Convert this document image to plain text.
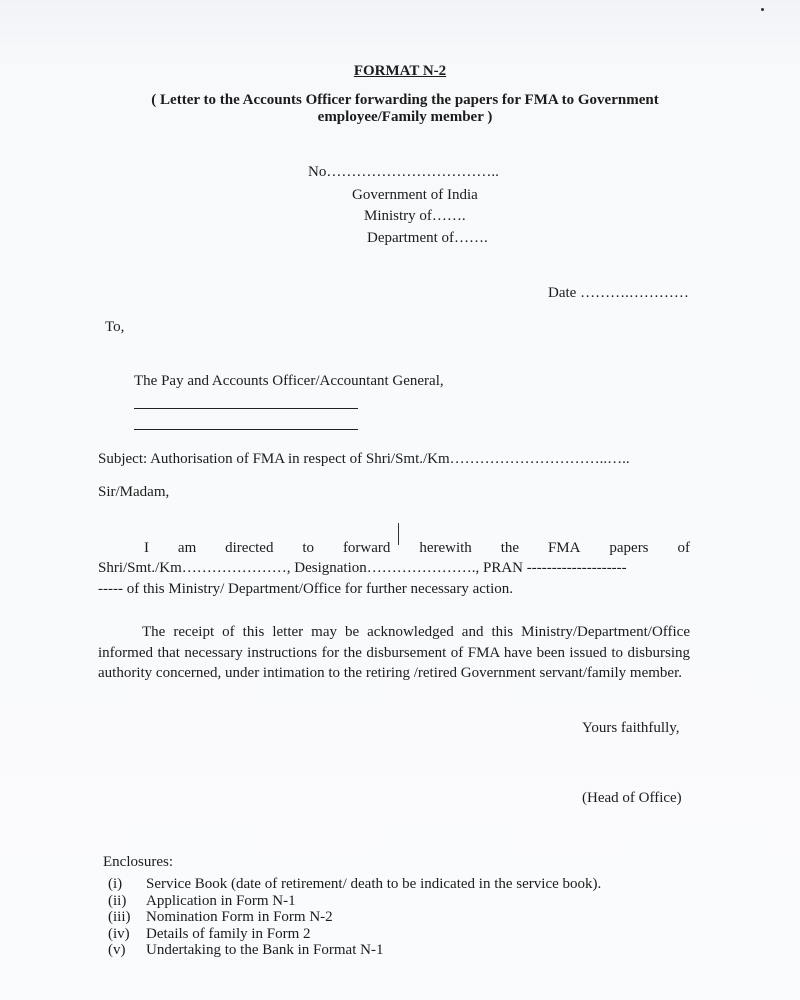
FORMAT N-2
( Letter to the Accounts Officer forwarding the papers for FMA to Government employee/Family member )
No……………………………..
Government of India
Ministry of…….
Department of…….
Date ……….…………
To,
The Pay and Accounts Officer/Accountant General,
Subject: Authorisation of FMA in respect of Shri/Smt./Km…………………………..…..
Sir/Madam,
I am directed to forward herewith the FMA papers of
Shri/Smt./Km…………………, Designation…………………., PRAN --------------------
----- of this Ministry/ Department/Office for further necessary action.
The receipt of this letter may be acknowledged and this Ministry/Department/Office informed that necessary instructions for the disbursement of FMA have been issued to disbursing authority concerned, under intimation to the retiring /retired Government servant/family member.
Yours faithfully,
(Head of Office)
Enclosures:
(i)	Service Book (date of retirement/ death to be indicated in the service book).
(ii)	Application in Form N-1
(iii)	Nomination Form in Form N-2
(iv)	Details of family in Form 2
(v)	Undertaking to the Bank in Format N-1
